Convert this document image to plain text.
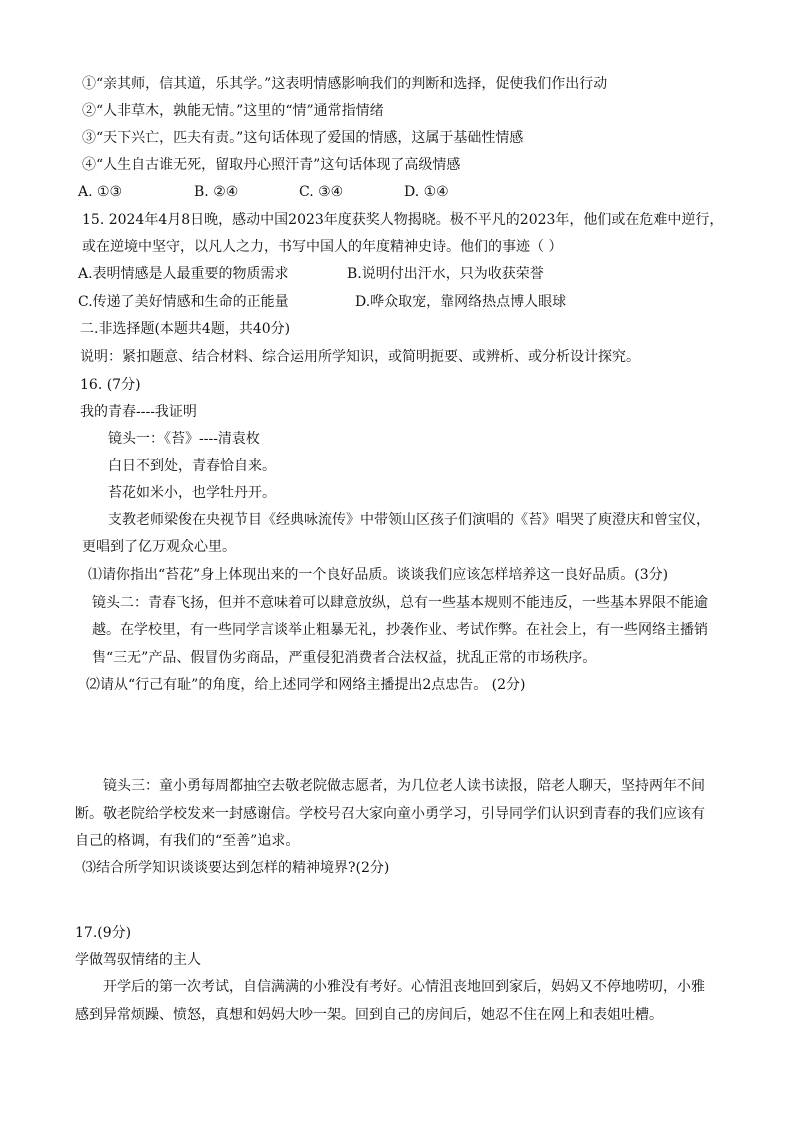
①“亲其师，信其道，乐其学。”这表明情感影响我们的判断和选择，促使我们作出行动
②“人非草木，孰能无情。”这里的“情”通常指情绪
③“天下兴亡，匹夫有责。”这句话体现了爱国的情感，这属于基础性情感
④“人生自古谁无死，留取丹心照汗青”这句话体现了高级情感
A. ①③	B. ②④	C. ③④	D. ①④
15. 2024年4月8日晚，感动中国2023年度获奖人物揭晓。极不平凡的2023年，他们或在危难中逆行，
或在逆境中坚守，以凡人之力，书写中国人的年度精神史诗。他们的事迹（ ）
A.表明情感是人最重要的物质需求	B.说明付出汗水，只为收获荣誉
C.传递了美好情感和生命的正能量	D.哗众取宠，靠网络热点博人眼球
二.非选择题(本题共4题，共40分)
说明：紧扣题意、结合材料、综合运用所学知识，或简明扼要、或辨析、或分析设计探究。
16. (7分)
我的青春----我证明
镜头一：《苔》----清袁枚
白日不到处，青春恰自来。
苔花如米小，也学牡丹开。
支教老师梁俊在央视节目《经典咏流传》中带领山区孩子们演唱的《苔》唱哭了庾澄庆和曾宝仪，
更唱到了亿万观众心里。
⑴请你指出“苔花”身上体现出来的一个良好品质。谈谈我们应该怎样培养这一良好品质。(3分)
镜头二：青春飞扬，但并不意味着可以肆意放纵，总有一些基本规则不能违反，一些基本界限不能逾
越。在学校里，有一些同学言谈举止粗暴无礼，抄袭作业、考试作弊。在社会上，有一些网络主播销
售“三无”产品、假冒伪劣商品，严重侵犯消费者合法权益，扰乱正常的市场秩序。
⑵请从“行己有耻”的角度，给上述同学和网络主播提出2点忠告。 (2分)
镜头三：童小勇每周都抽空去敬老院做志愿者，为几位老人读书读报，陪老人聊天，坚持两年不间
断。敬老院给学校发来一封感谢信。学校号召大家向童小勇学习，引导同学们认识到青春的我们应该有
自己的格调，有我们的“至善”追求。
⑶结合所学知识谈谈要达到怎样的精神境界?(2分)
17.(9分)
学做驾驭情绪的主人
开学后的第一次考试，自信满满的小雅没有考好。心情沮丧地回到家后，妈妈又不停地唠叨，小雅
感到异常烦躁、愤怒，真想和妈妈大吵一架。回到自己的房间后，她忍不住在网上和表姐吐槽。
